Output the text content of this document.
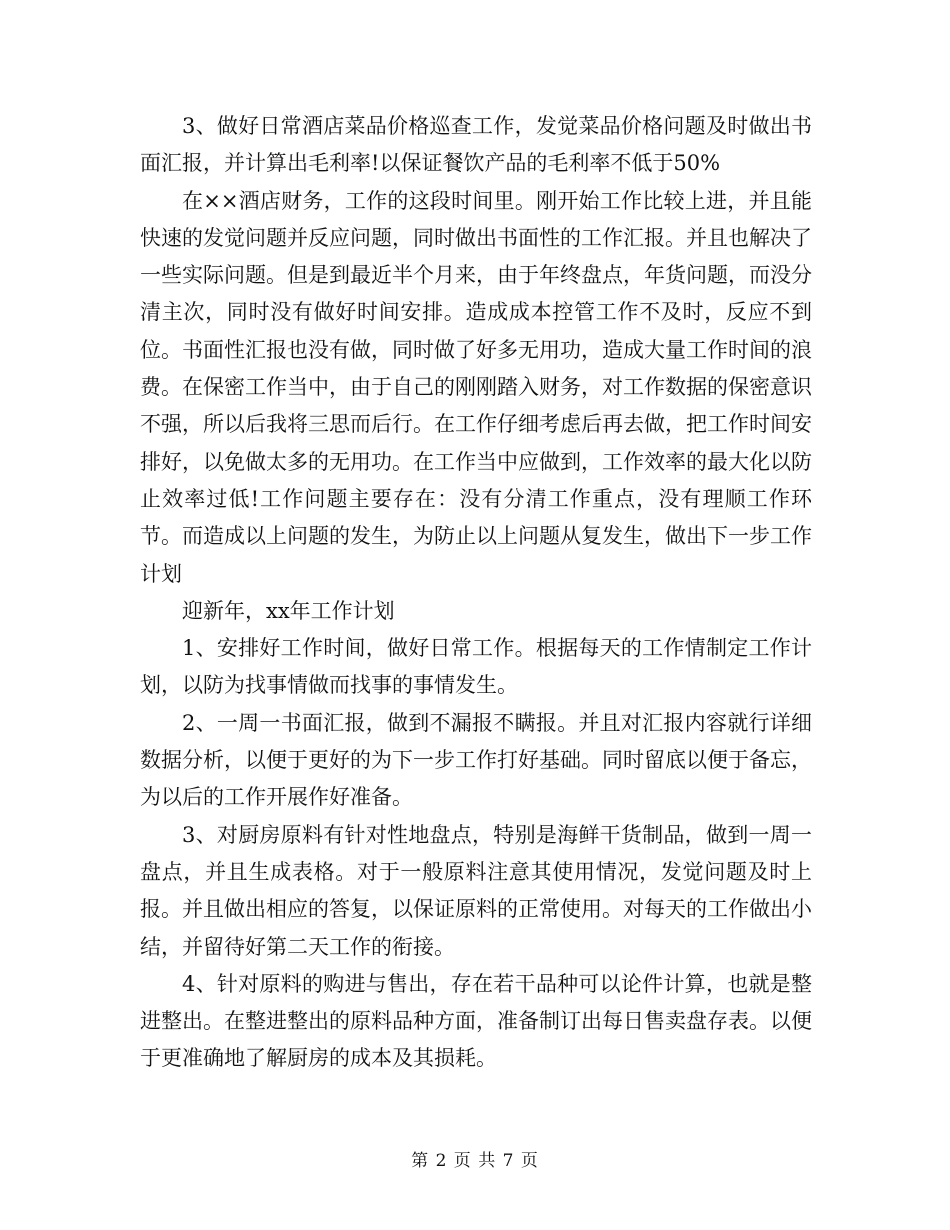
3、做好日常酒店菜品价格巡查工作，发觉菜品价格问题及时做出书面汇报，并计算出毛利率!以保证餐饮产品的毛利率不低于50%

在××酒店财务，工作的这段时间里。刚开始工作比较上进，并且能快速的发觉问题并反应问题，同时做出书面性的工作汇报。并且也解决了一些实际问题。但是到最近半个月来，由于年终盘点，年货问题，而没分清主次，同时没有做好时间安排。造成成本控管工作不及时，反应不到位。书面性汇报也没有做，同时做了好多无用功，造成大量工作时间的浪费。在保密工作当中，由于自己的刚刚踏入财务，对工作数据的保密意识不强，所以后我将三思而后行。在工作仔细考虑后再去做，把工作时间安排好，以免做太多的无用功。在工作当中应做到，工作效率的最大化以防止效率过低!工作问题主要存在：没有分清工作重点，没有理顺工作环节。而造成以上问题的发生，为防止以上问题从复发生，做出下一步工作计划

迎新年，xx年工作计划

1、安排好工作时间，做好日常工作。根据每天的工作情制定工作计划，以防为找事情做而找事的事情发生。

2、一周一书面汇报，做到不漏报不瞒报。并且对汇报内容就行详细数据分析，以便于更好的为下一步工作打好基础。同时留底以便于备忘，为以后的工作开展作好准备。

3、对厨房原料有针对性地盘点，特别是海鲜干货制品，做到一周一盘点，并且生成表格。对于一般原料注意其使用情况，发觉问题及时上报。并且做出相应的答复，以保证原料的正常使用。对每天的工作做出小结，并留待好第二天工作的衔接。

4、针对原料的购进与售出，存在若干品种可以论件计算，也就是整进整出。在整进整出的原料品种方面，准备制订出每日售卖盘存表。以便于更准确地了解厨房的成本及其损耗。

第 2 页 共 7 页
